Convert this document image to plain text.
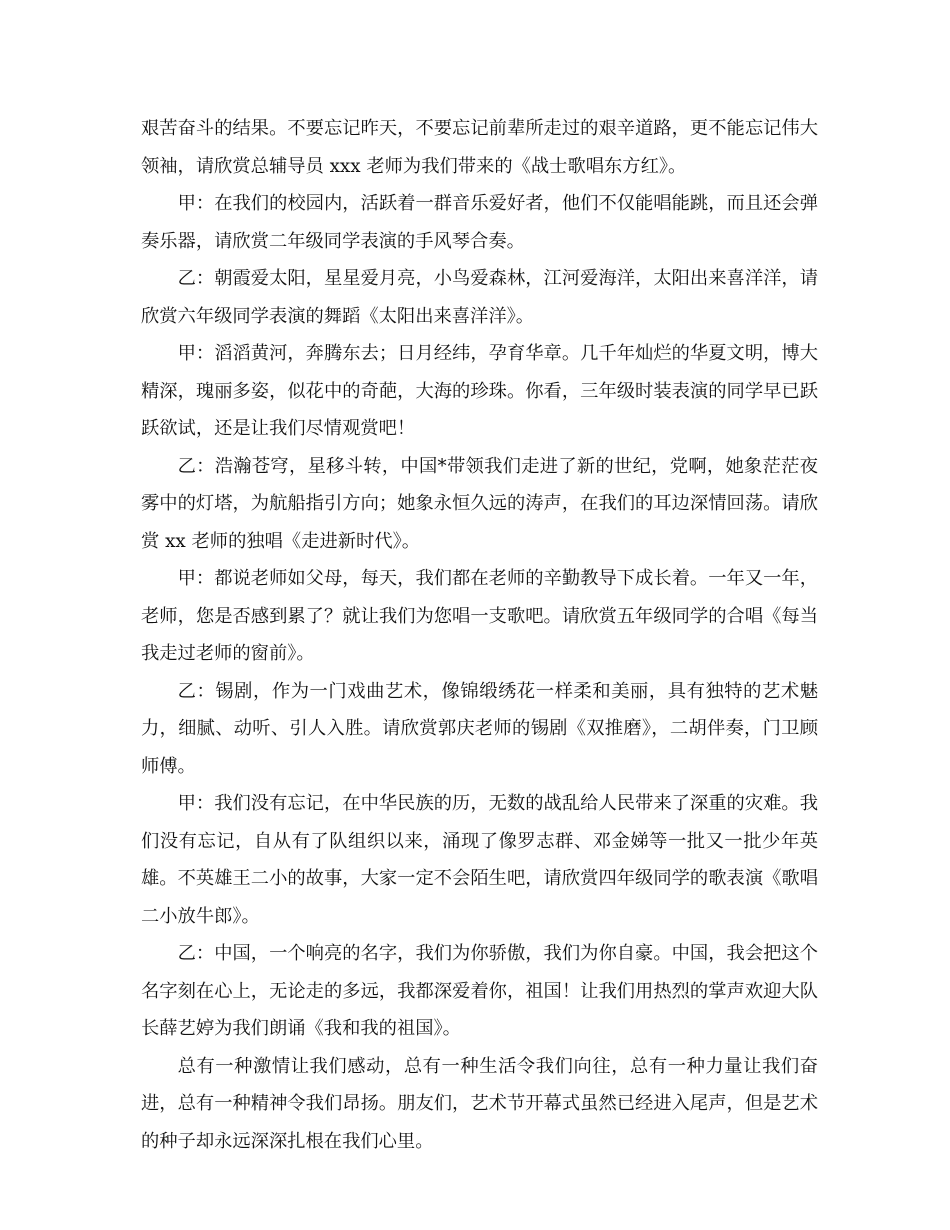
艰苦奋斗的结果。不要忘记昨天，不要忘记前辈所走过的艰辛道路，更不能忘记伟大领袖，请欣赏总辅导员 xxx 老师为我们带来的《战士歌唱东方红》。

甲：在我们的校园内，活跃着一群音乐爱好者，他们不仅能唱能跳，而且还会弹奏乐器，请欣赏二年级同学表演的手风琴合奏。

乙：朝霞爱太阳，星星爱月亮，小鸟爱森林，江河爱海洋，太阳出来喜洋洋，请欣赏六年级同学表演的舞蹈《太阳出来喜洋洋》。

甲：滔滔黄河，奔腾东去；日月经纬，孕育华章。几千年灿烂的华夏文明，博大精深，瑰丽多姿，似花中的奇葩，大海的珍珠。你看，三年级时装表演的同学早已跃跃欲试，还是让我们尽情观赏吧！

乙：浩瀚苍穹，星移斗转，中国*带领我们走进了新的世纪，党啊，她象茫茫夜雾中的灯塔，为航船指引方向；她象永恒久远的涛声，在我们的耳边深情回荡。请欣赏 xx 老师的独唱《走进新时代》。

甲：都说老师如父母，每天，我们都在老师的辛勤教导下成长着。一年又一年，老师，您是否感到累了？就让我们为您唱一支歌吧。请欣赏五年级同学的合唱《每当我走过老师的窗前》。

乙：锡剧，作为一门戏曲艺术，像锦缎绣花一样柔和美丽，具有独特的艺术魅力，细腻、动听、引人入胜。请欣赏郭庆老师的锡剧《双推磨》，二胡伴奏，门卫顾师傅。

甲：我们没有忘记，在中华民族的历，无数的战乱给人民带来了深重的灾难。我们没有忘记，自从有了队组织以来，涌现了像罗志群、邓金娣等一批又一批少年英雄。不英雄王二小的故事，大家一定不会陌生吧，请欣赏四年级同学的歌表演《歌唱二小放牛郎》。

乙：中国，一个响亮的名字，我们为你骄傲，我们为你自豪。中国，我会把这个名字刻在心上，无论走的多远，我都深爱着你，祖国！让我们用热烈的掌声欢迎大队长薛艺婷为我们朗诵《我和我的祖国》。

总有一种激情让我们感动，总有一种生活令我们向往，总有一种力量让我们奋进，总有一种精神令我们昂扬。朋友们，艺术节开幕式虽然已经进入尾声，但是艺术的种子却永远深深扎根在我们心里。
